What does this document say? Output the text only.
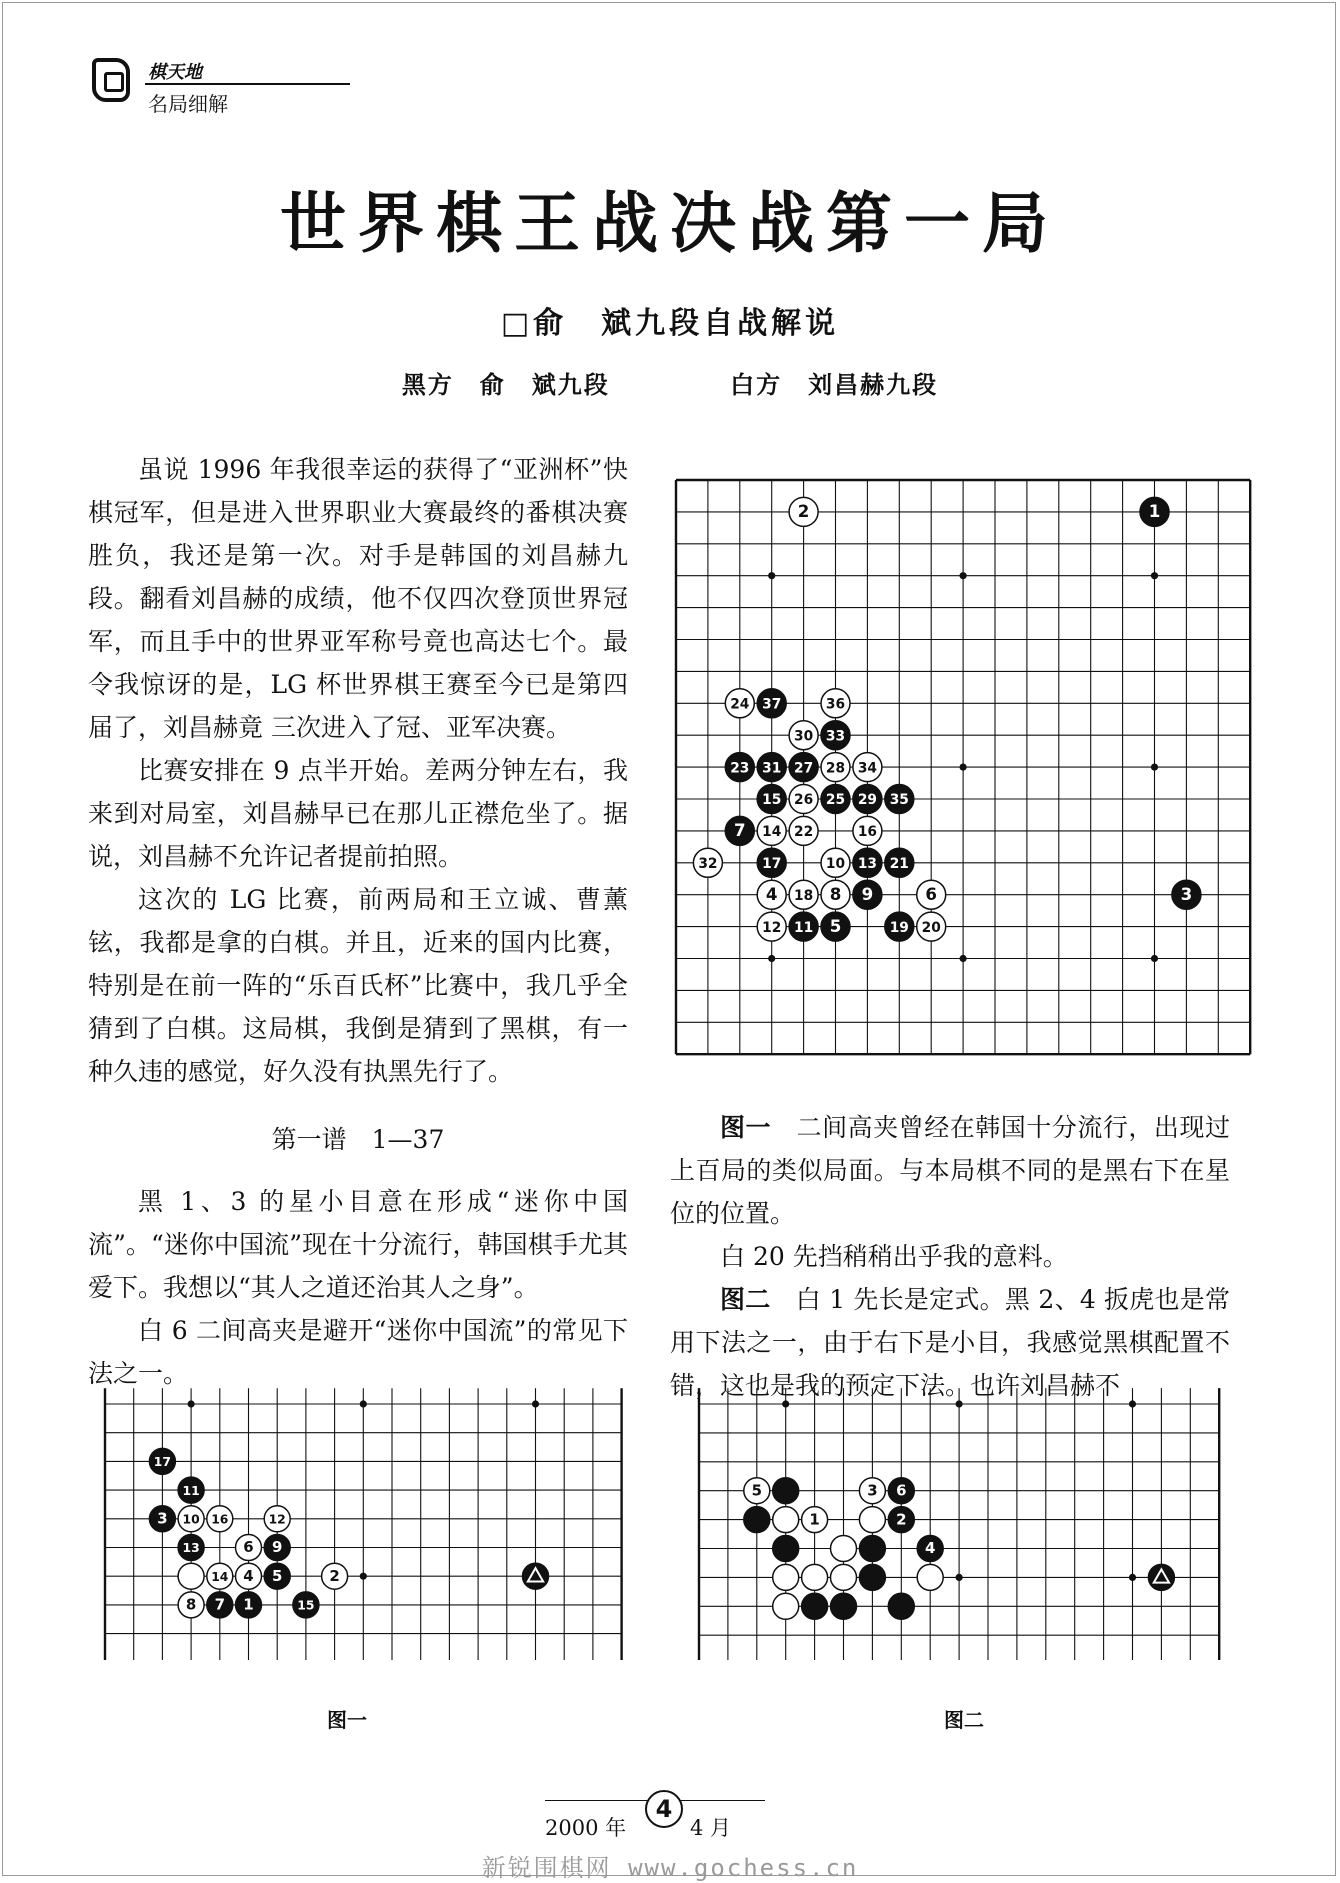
棋天地
名局细解
世界棋王战决战第一局
□俞　斌九段自战解说
黑方　俞　斌九段	白方　刘昌赫九段

虽说 1996 年我很幸运的获得了“亚洲杯”快棋冠军，但是进入世界职业大赛最终的番棋决赛胜负，我还是第一次。对手是韩国的刘昌赫九段。翻看刘昌赫的成绩，他不仅四次登顶世界冠军，而且手中的世界亚军称号竟也高达七个。最令我惊讶的是，LG 杯世界棋王赛至今已是第四届了，刘昌赫竟 三次进入了冠、亚军决赛。

比赛安排在 9 点半开始。差两分钟左右，我来到对局室，刘昌赫早已在那儿正襟危坐了。据说，刘昌赫不允许记者提前拍照。

这次的 LG 比赛，前两局和王立诚、曹薰铉，我都是拿的白棋。并且，近来的国内比赛，特别是在前一阵的“乐百氏杯”比赛中，我几乎全猜到了白棋。这局棋，我倒是猜到了黑棋，有一种久违的感觉，好久没有执黑先行了。

第一谱　1—37

黑 1、3 的星小目意在形成“迷你中国流”。“迷你中国流”现在十分流行，韩国棋手尤其爱下。我想以“其人之道还治其人之身”。

白 6 二间高夹是避开“迷你中国流”的常见下法之一。

图一　二间高夹曾经在韩国十分流行，出现过上百局的类似局面。与本局棋不同的是黑右下在星位的位置。

白 20 先挡稍稍出乎我的意料。

图二　白 1 先长是定式。黑 2、4 扳虎也是常用下法之一，由于右下是小目，我感觉黑棋配置不错，这也是我的预定下法。也许刘昌赫不

2	1
24 37	36
30 33
23 31 27 28 34
15 26 25 29 35
7 14 22	16
32	17	10 13 21
4 18 8 9	6	3
12 11 5	19 20
17
11
3 10 16	12
13	6 9
14 4 5	2
8 7 1	15
图一
5	3 6
1	2
4
图二
2000 年
4
4 月
新锐围棋网 www.gochess.cn
